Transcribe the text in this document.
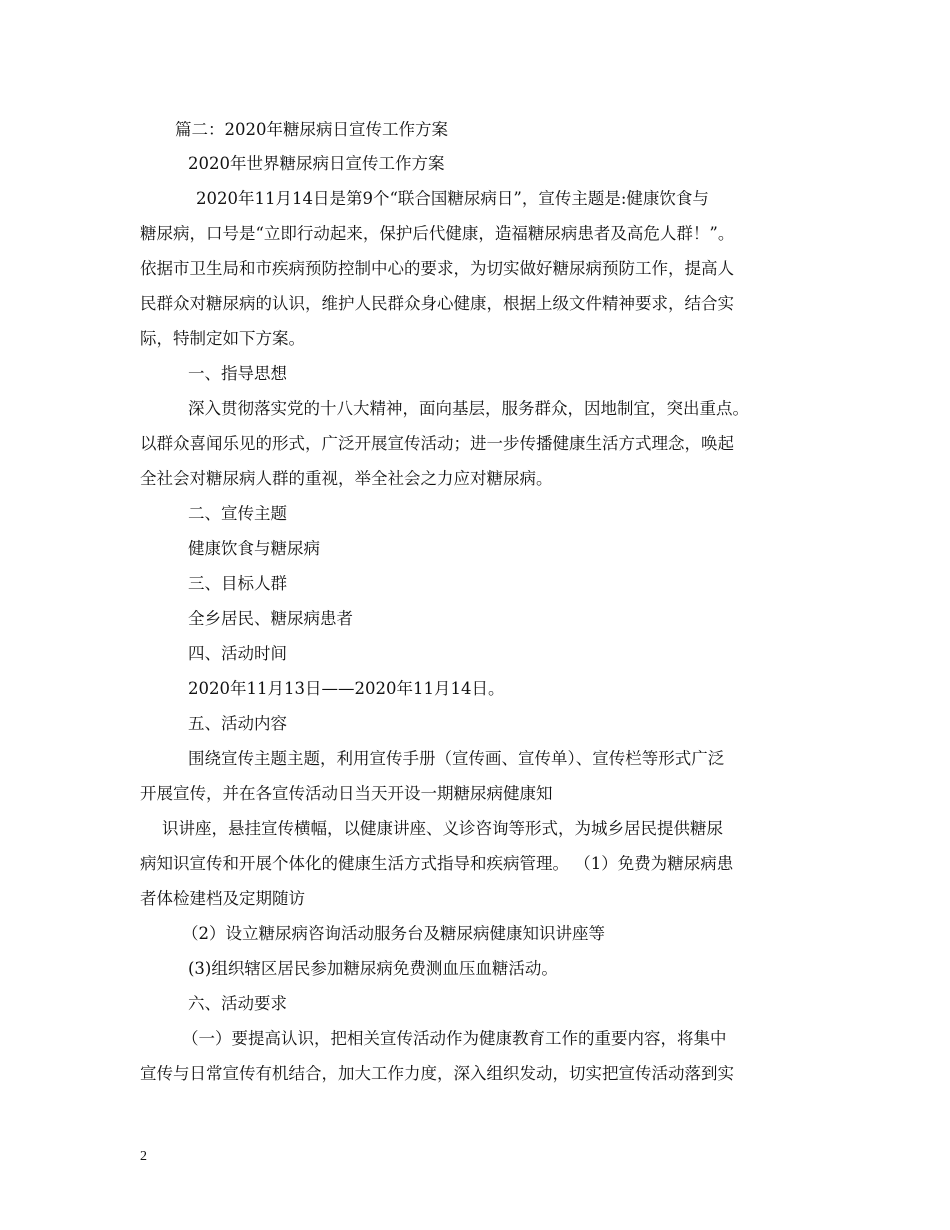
篇二：2020年糖尿病日宣传工作方案
2020年世界糖尿病日宣传工作方案
2020年11月14日是第9个“联合国糖尿病日”，宣传主题是:健康饮食与
糖尿病，口号是“立即行动起来，保护后代健康，造福糖尿病患者及高危人群！”。
依据市卫生局和市疾病预防控制中心的要求，为切实做好糖尿病预防工作，提高人
民群众对糖尿病的认识，维护人民群众身心健康，根据上级文件精神要求，结合实
际，特制定如下方案。
一、指导思想
深入贯彻落实党的十八大精神，面向基层，服务群众，因地制宜，突出重点。
以群众喜闻乐见的形式，广泛开展宣传活动；进一步传播健康生活方式理念，唤起
全社会对糖尿病人群的重视，举全社会之力应对糖尿病。
二、宣传主题
健康饮食与糖尿病
三、目标人群
全乡居民、糖尿病患者
四、活动时间
2020年11月13日——2020年11月14日。
五、活动内容
围绕宣传主题主题，利用宣传手册（宣传画、宣传单）、宣传栏等形式广泛
开展宣传，并在各宣传活动日当天开设一期糖尿病健康知
识讲座，悬挂宣传横幅，以健康讲座、义诊咨询等形式，为城乡居民提供糖尿
病知识宣传和开展个体化的健康生活方式指导和疾病管理。 （1）免费为糖尿病患
者体检建档及定期随访
（2）设立糖尿病咨询活动服务台及糖尿病健康知识讲座等
(3)组织辖区居民参加糖尿病免费测血压血糖活动。
六、活动要求
（一）要提高认识，把相关宣传活动作为健康教育工作的重要内容，将集中
宣传与日常宣传有机结合，加大工作力度，深入组织发动，切实把宣传活动落到实
2
